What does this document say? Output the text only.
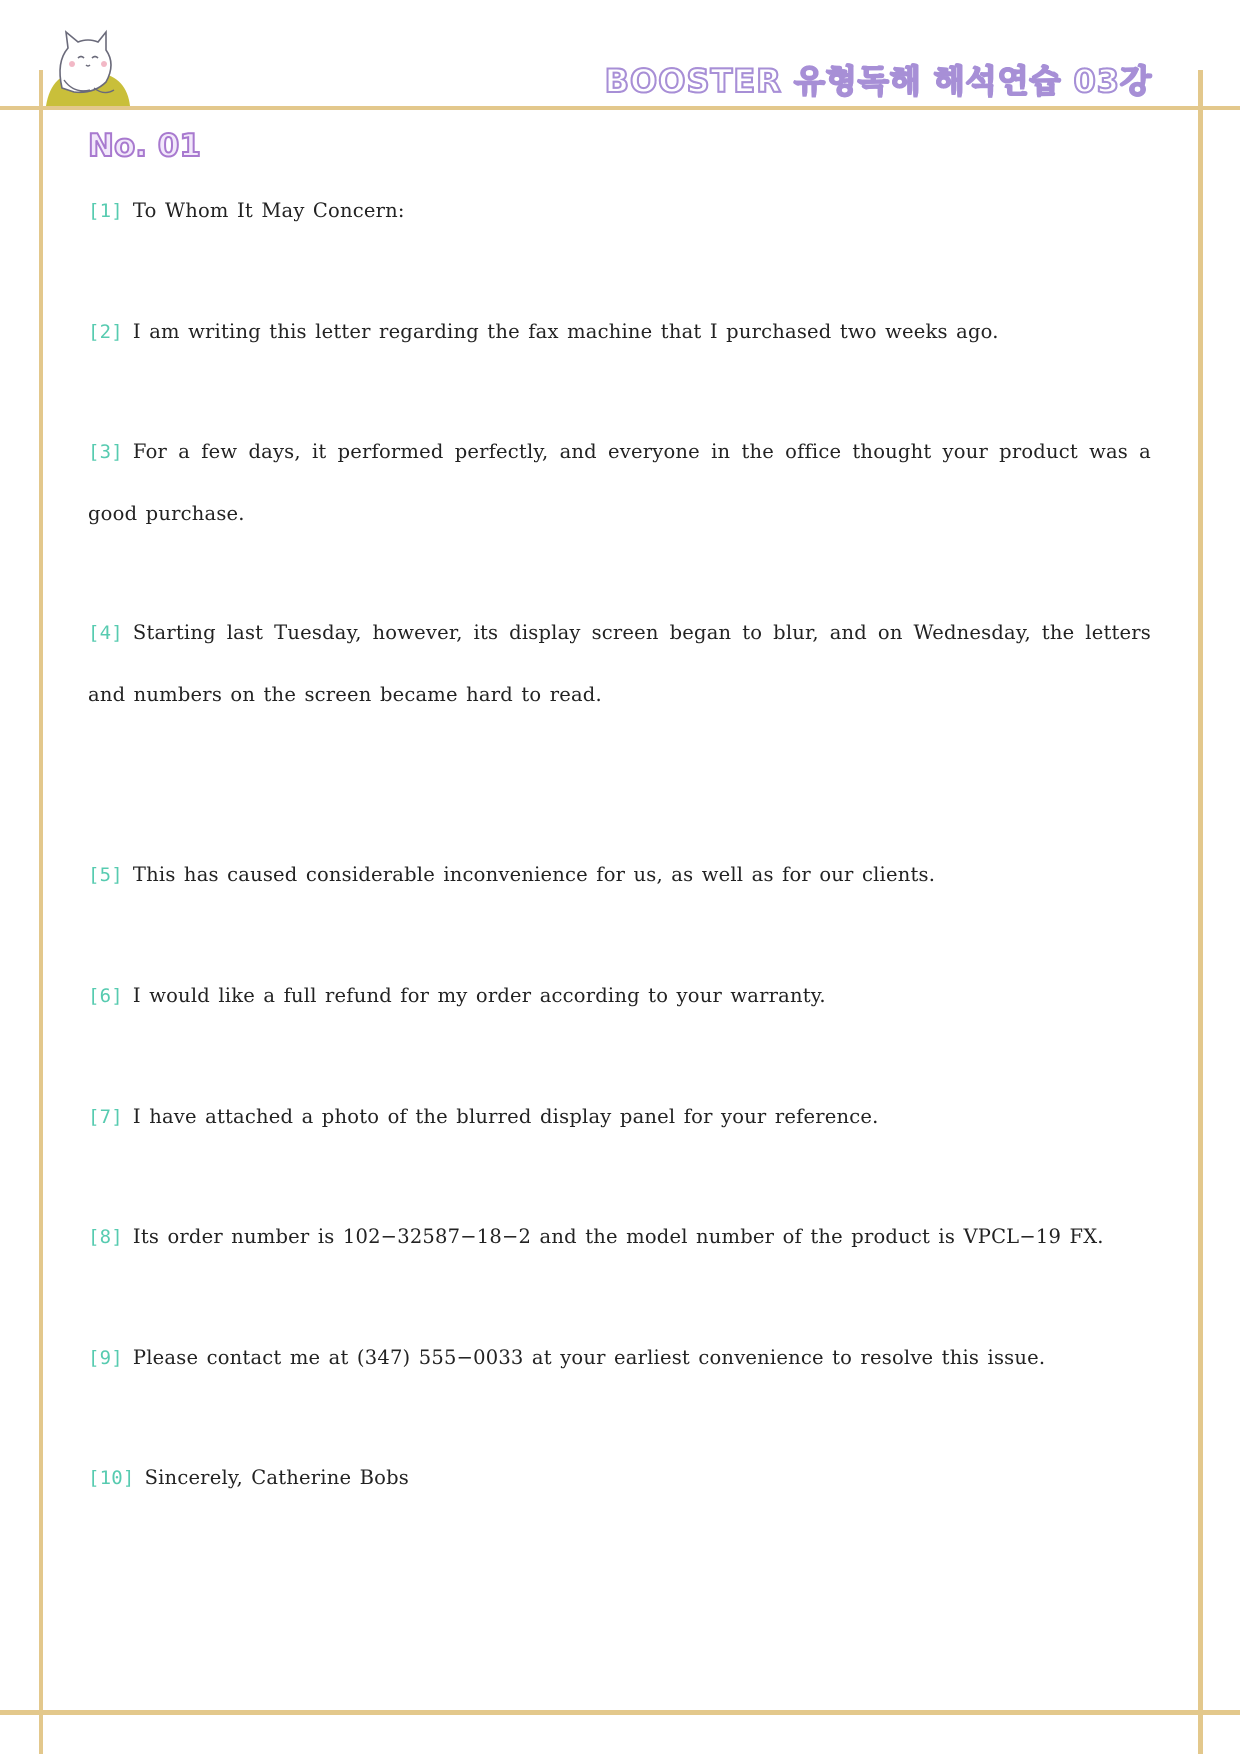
BOOSTER 유형독해 해석연습 03강
No. 01
[1] To Whom It May Concern:
[2] I am writing this letter regarding the fax machine that I purchased two weeks ago.
[3] For a few days, it performed perfectly, and everyone in the office thought your product was a good purchase.
[4] Starting last Tuesday, however, its display screen began to blur, and on Wednesday, the letters and numbers on the screen became hard to read.
[5] This has caused considerable inconvenience for us, as well as for our clients.
[6] I would like a full refund for my order according to your warranty.
[7] I have attached a photo of the blurred display panel for your reference.
[8] Its order number is 102−32587−18−2 and the model number of the product is VPCL−19 FX.
[9] Please contact me at (347) 555−0033 at your earliest convenience to resolve this issue.
[10] Sincerely, Catherine Bobs
